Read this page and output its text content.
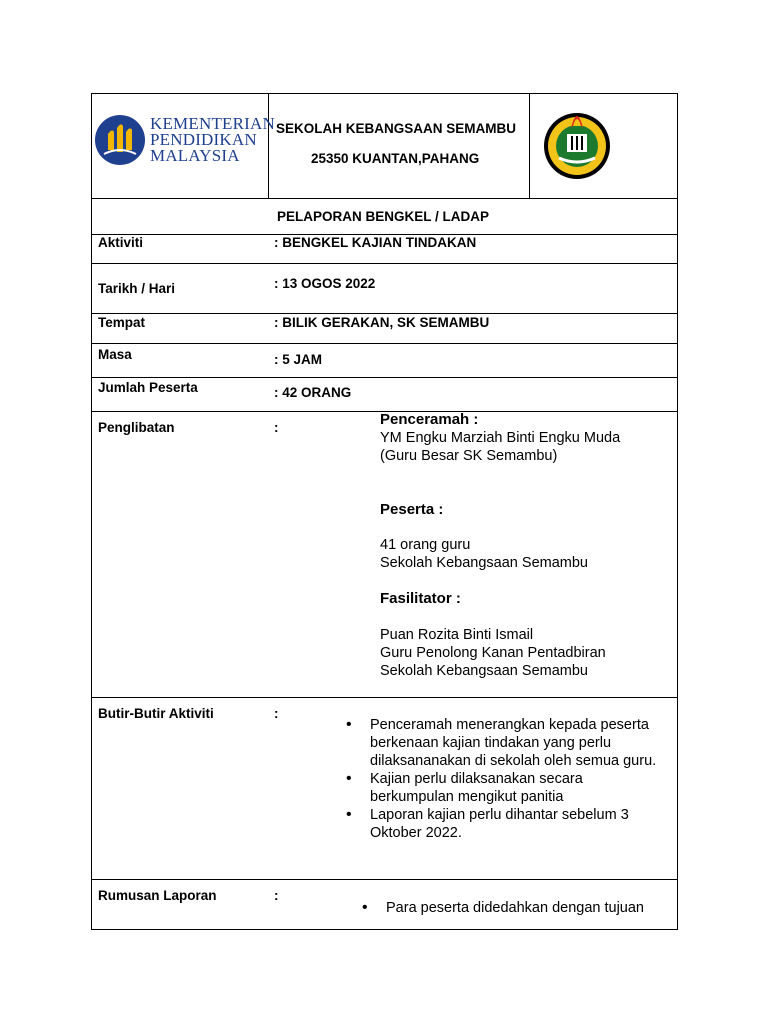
KEMENTERIAN
PENDIDIKAN
MALAYSIA
SEKOLAH KEBANGSAAN SEMAMBU
25350 KUANTAN,PAHANG
PELAPORAN BENGKEL / LADAP
Aktiviti	: BENGKEL KAJIAN TINDAKAN
Tarikh / Hari	: 13 OGOS 2022
Tempat	: BILIK GERAKAN, SK SEMAMBU
Masa	: 5 JAM
Jumlah Peserta	: 42 ORANG
Penglibatan	:	Penceramah :
YM Engku Marziah Binti Engku Muda
(Guru Besar SK Semambu)
Peserta :
41 orang guru
Sekolah Kebangsaan Semambu
Fasilitator :
Puan Rozita Binti Ismail
Guru Penolong Kanan Pentadbiran
Sekolah Kebangsaan Semambu
Butir-Butir Aktiviti	:
• Penceramah menerangkan kepada peserta
berkenaan kajian tindakan yang perlu
dilaksananakan di sekolah oleh semua guru.
• Kajian perlu dilaksanakan secara
berkumpulan mengikut panitia
• Laporan kajian perlu dihantar sebelum 3
Oktober 2022.
Rumusan Laporan	:
• Para peserta didedahkan dengan tujuan
